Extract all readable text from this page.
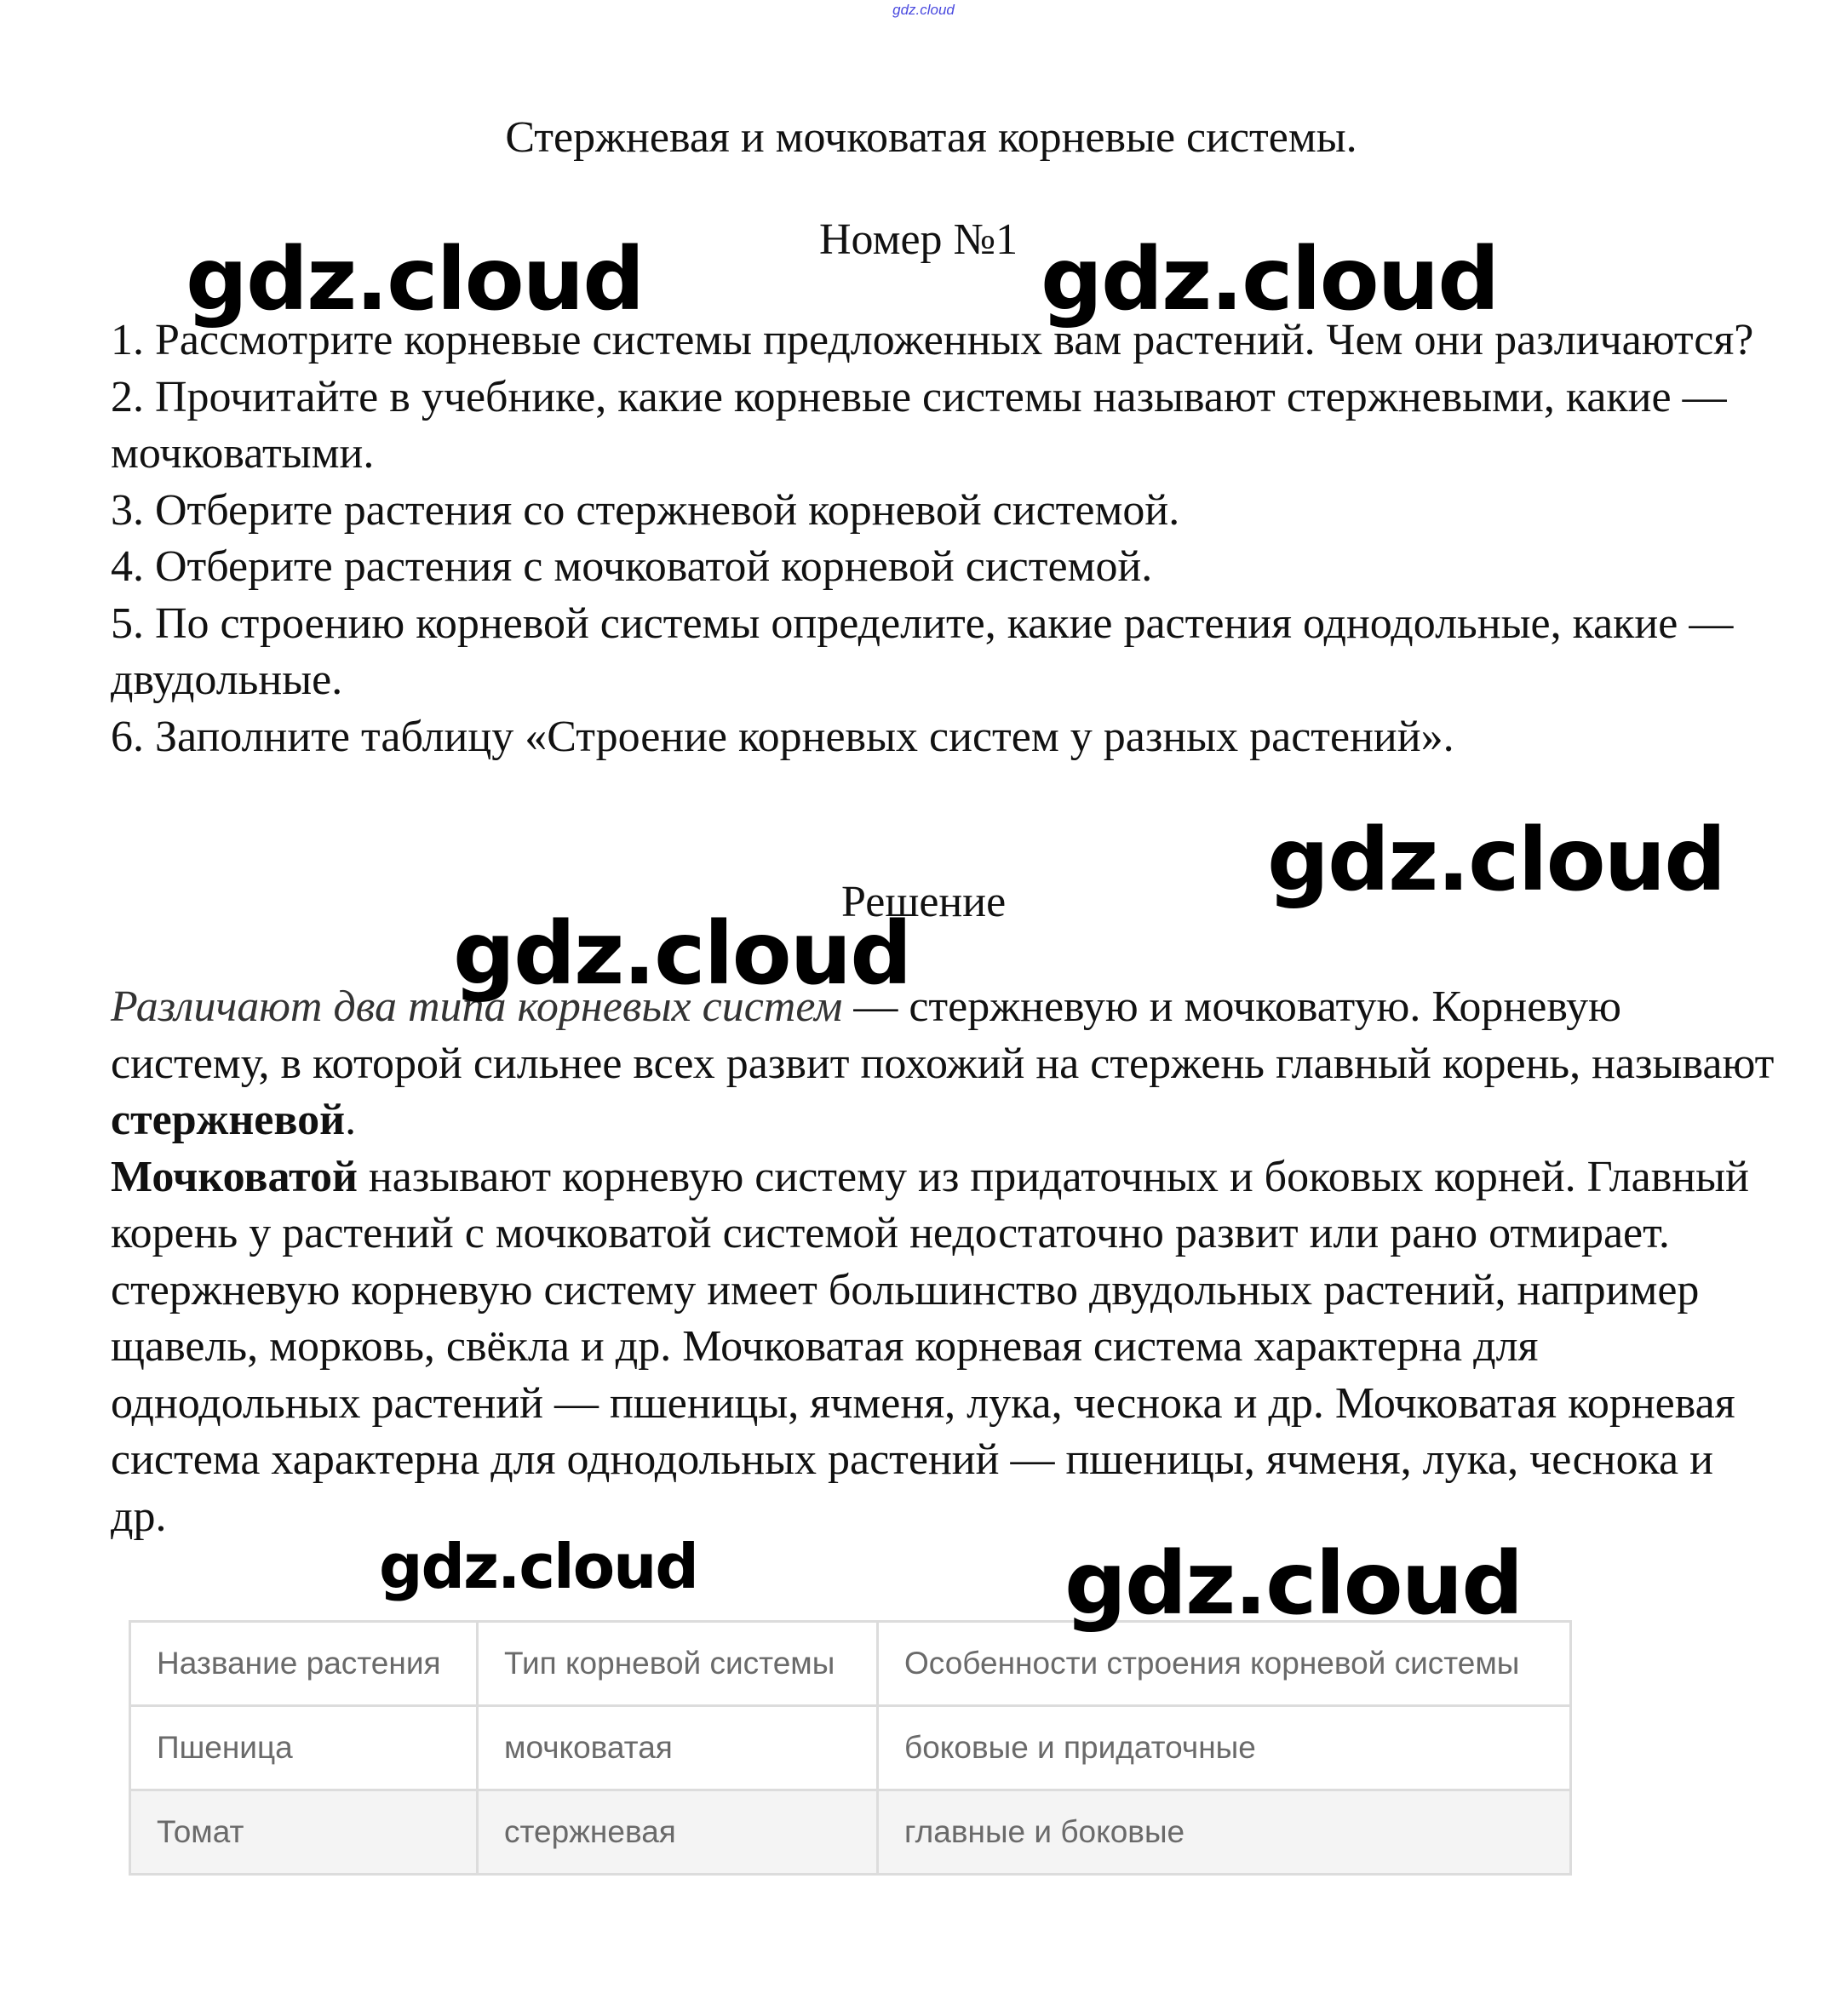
gdz.cloud
Стержневая и мочковатая корневые системы.
Номер №1

1. Рассмотрите корневые системы предложенных вам растений. Чем они различаются?

2. Прочитайте в учебнике, какие корневые системы называют стержневыми, какие — мочковатыми.

3. Отберите растения со стержневой корневой системой.

4. Отберите растения с мочковатой корневой системой.

5. По строению корневой системы определите, какие растения однодольные, какие — двудольные.

6. Заполните таблицу «Строение корневых систем у разных растений».

Решение

Различают два типа корневых систем — стержневую и мочковатую. Корневую систему, в которой сильнее всех развит похожий на стержень главный корень, называют стержневой.

Мочковатой называют корневую систему из придаточных и боковых корней. Главный корень у растений с мочковатой системой недостаточно развит или рано отмирает. стержневую корневую систему имеет большинство двудольных растений, например щавель, морковь, свёкла и др. Мочковатая корневая система характерна для однодольных растений — пшеницы, ячменя, лука, чеснока и др. Мочковатая корневая система характерна для однодольных растений — пшеницы, ячменя, лука, чеснока и др.

Название растения	Тип корневой системы	Особенности строения корневой системы
Пшеница	мочковатая	боковые и придаточные
Томат	стержневая	главные и боковые
gdz.cloud	gdz.cloud
gdz.cloud
gdz.cloud
gdz.cloud	gdz.cloud
